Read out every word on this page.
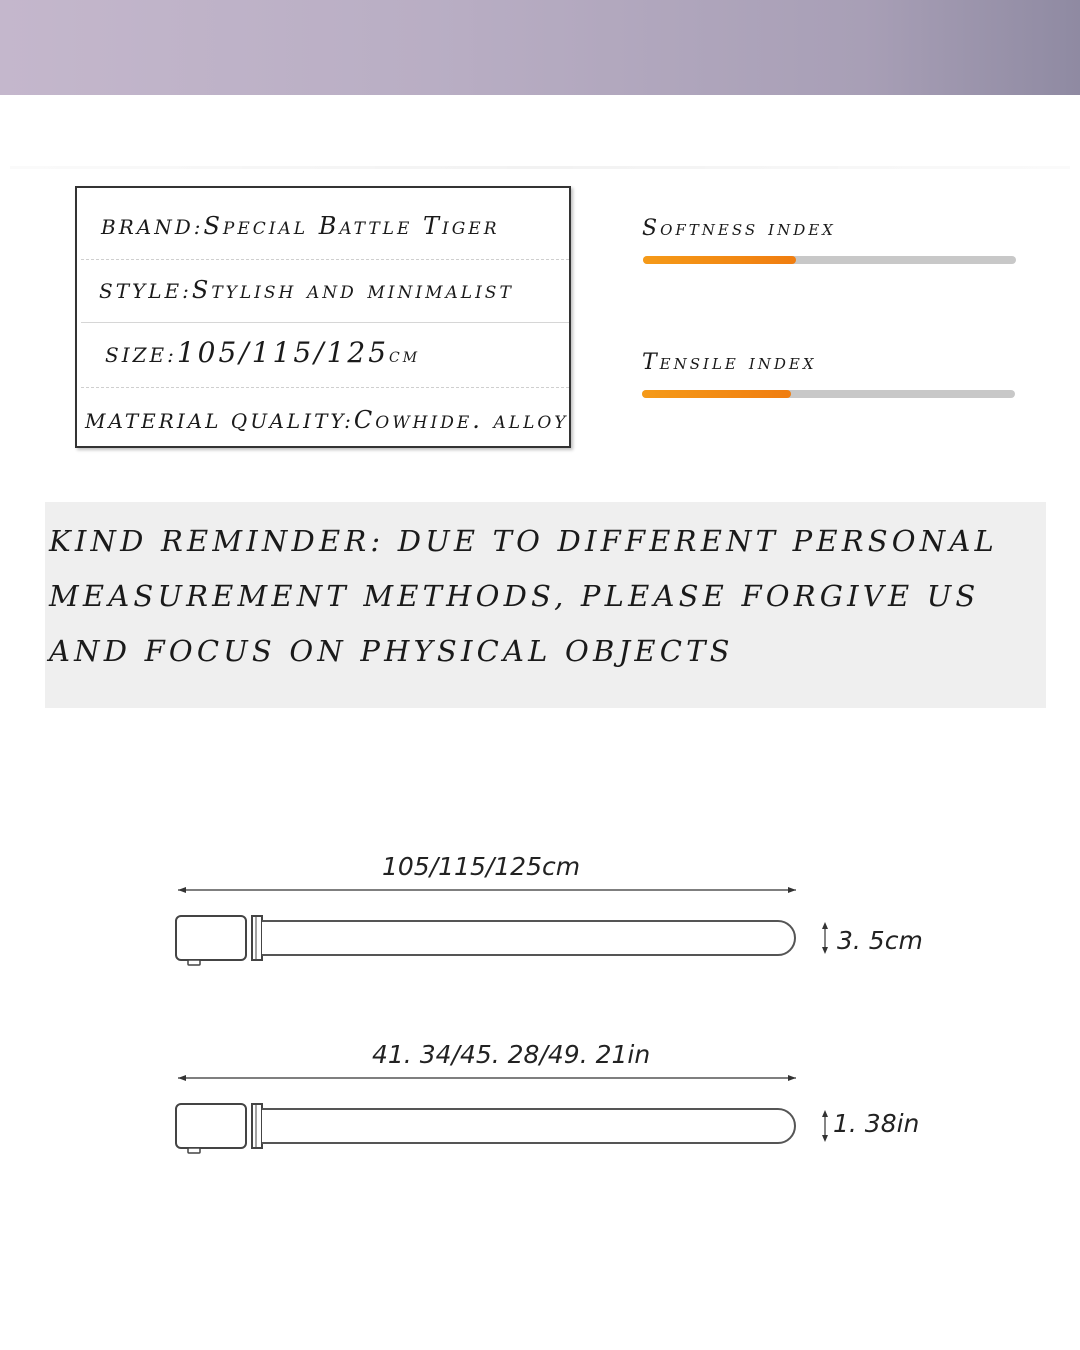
BRAND:Special Battle Tiger
STYLE:Stylish and minimalist
SIZE:105/115/125cm
MATERIAL QUALITY:Cowhide. alloy
Softness index
Tensile index
KIND REMINDER: DUE TO DIFFERENT PERSONAL MEASUREMENT METHODS, PLEASE FORGIVE US AND FOCUS ON PHYSICAL OBJECTS
105/115/125cm
3. 5cm
41. 34/45. 28/49. 21in
1. 38in
